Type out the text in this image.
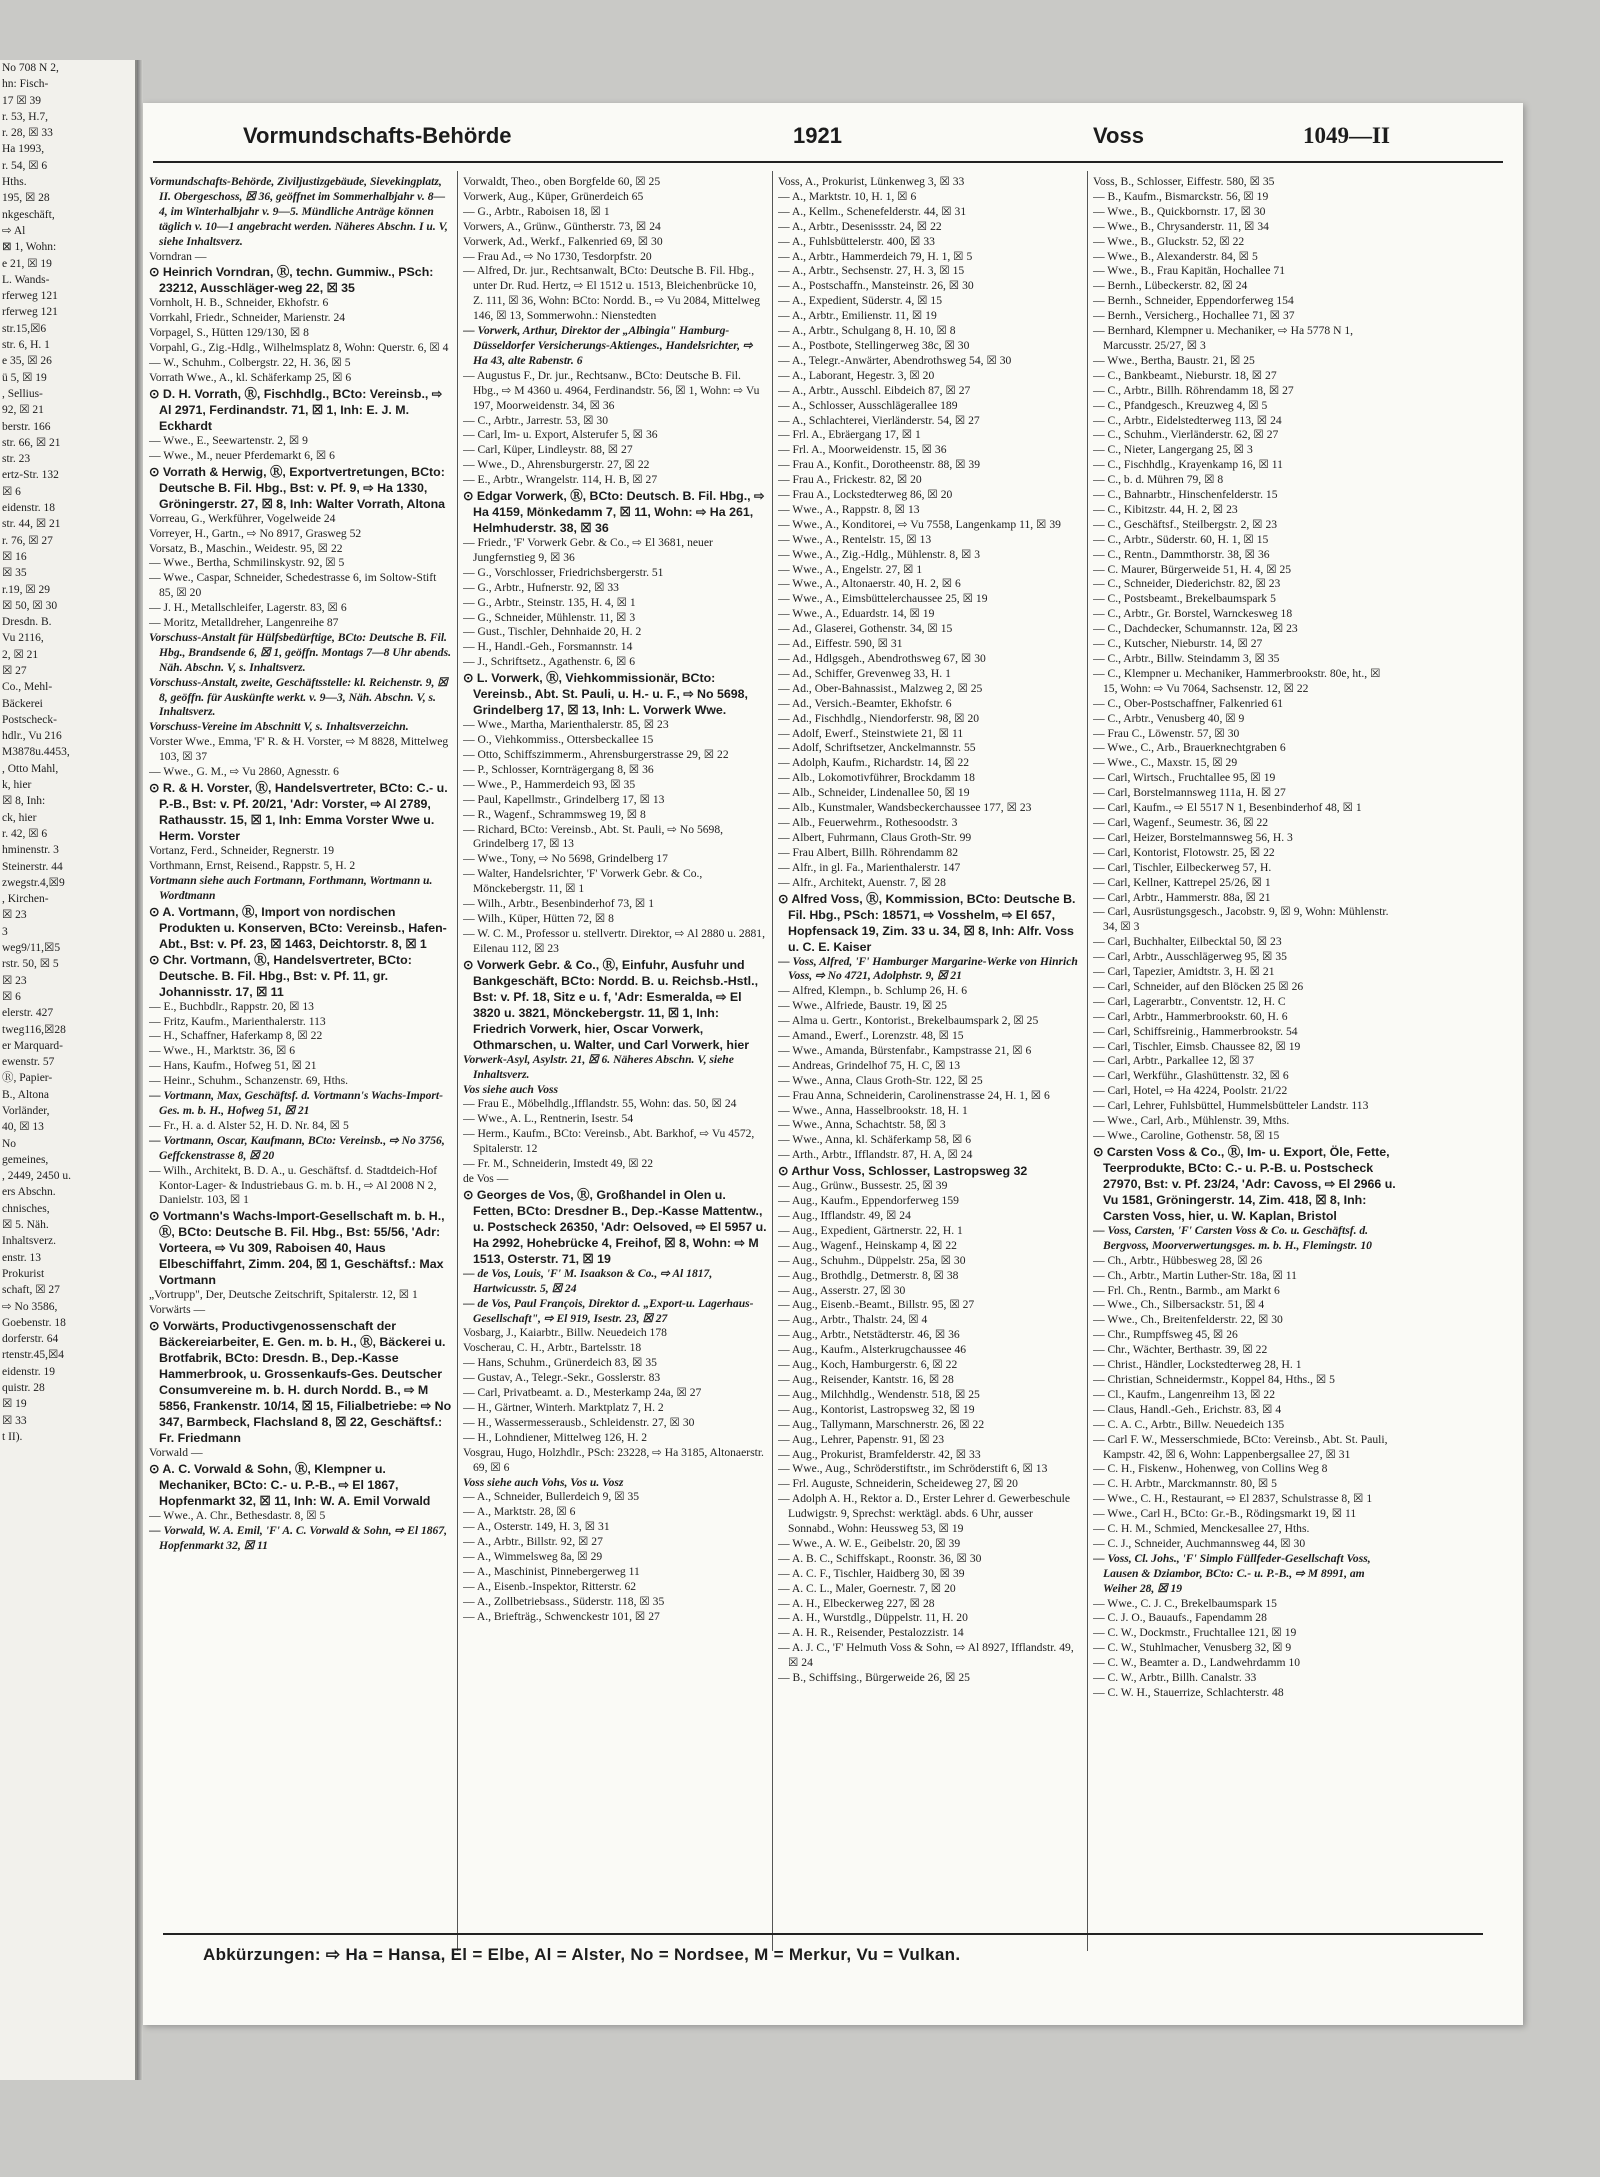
No 708 N 2,
hn: Fisch-
17 ☒ 39
r. 53, H.7,
r. 28, ☒ 33
Ha 1993,
r. 54, ☒ 6
Hths.
195, ☒ 28
nkgeschäft,
⇨ Al
⊠ 1, Wohn:
e 21, ☒ 19
L. Wands-
rferweg 121
rferweg 121
str.15,☒6
str. 6, H. 1
e 35, ☒ 26
ü 5, ☒ 19
, Sellius-
92, ☒ 21
berstr. 166
str. 66, ☒ 21
str. 23
ertz-Str. 132
☒ 6
eidenstr. 18
str. 44, ☒ 21
r. 76, ☒ 27
☒ 16
☒ 35
r.19, ☒ 29
☒ 50, ☒ 30
Dresdn. B.
Vu 2116,
2, ☒ 21
☒ 27
Co., Mehl-
Bäckerei
Postscheck-
hdlr., Vu 216
M3878u.4453,
, Otto Mahl,
k, hier
☒ 8, Inh:
ck, hier
r. 42, ☒ 6
hminenstr. 3
Steinerstr. 44
zwegstr.4,☒9
, Kirchen-
☒ 23
3
weg9/11,☒5
rstr. 50, ☒ 5
☒ 23
☒ 6
elerstr. 427
tweg116,☒28
er Marquard-
ewenstr. 57
Ⓡ, Papier-
B., Altona
Vorländer,
40, ☒ 13
No
gemeines,
, 2449, 2450 u.
ers Abschn.
chnisches,
☒ 5. Näh.
Inhaltsverz.
enstr. 13
Prokurist
schaft, ☒ 27
⇨ No 3586,
Goebenstr. 18
dorferstr. 64
rtenstr.45,☒4
eidenstr. 19
quistr. 28
☒ 19
☒ 33
t II).
Vormundschafts-Behörde	1921	Voss	1049—II

Vormundschafts-Behörde, Ziviljustizgebäude, Sievekingplatz, II. Obergeschoss, ☒ 36, geöffnet im Sommerhalbjahr v. 8—4, im Winterhalbjahr v. 9—5. Mündliche Anträge können täglich v. 10—1 angebracht werden. Näheres Abschn. I u. V, siehe Inhaltsverz.

Vorndran —

⊙ Heinrich Vorndran, Ⓡ, techn. Gummiw., PSch: 23212, Ausschläger-weg 22, ☒ 35

Vornholt, H. B., Schneider, Ekhofstr. 6

Vorrkahl, Friedr., Schneider, Marienstr. 24

Vorpagel, S., Hütten 129/130, ☒ 8

Vorpahl, G., Zig.-Hdlg., Wilhelmsplatz 8, Wohn: Querstr. 6, ☒ 4

— W., Schuhm., Colbergstr. 22, H. 36, ☒ 5

Vorrath Wwe., A., kl. Schäferkamp 25, ☒ 6

⊙ D. H. Vorrath, Ⓡ, Fischhdlg., BCto: Vereinsb., ⇨ Al 2971, Ferdinandstr. 71, ☒ 1, Inh: E. J. M. Eckhardt

— Wwe., E., Seewartenstr. 2, ☒ 9

— Wwe., M., neuer Pferdemarkt 6, ☒ 6

⊙ Vorrath & Herwig, Ⓡ, Exportvertretungen, BCto: Deutsche B. Fil. Hbg., Bst: v. Pf. 9, ⇨ Ha 1330, Gröningerstr. 27, ☒ 8, Inh: Walter Vorrath, Altona

Vorreau, G., Werkführer, Vogelweide 24

Vorreyer, H., Gartn., ⇨ No 8917, Grasweg 52

Vorsatz, B., Maschin., Weidestr. 95, ☒ 22

— Wwe., Bertha, Schmilinskystr. 92, ☒ 5

— Wwe., Caspar, Schneider, Schedestrasse 6, im Soltow-Stift 85, ☒ 20

— J. H., Metallschleifer, Lagerstr. 83, ☒ 6

— Moritz, Metalldreher, Langenreihe 87

Vorschuss-Anstalt für Hülfsbedürftige, BCto: Deutsche B. Fil. Hbg., Brandsende 6, ☒ 1, geöffn. Montags 7—8 Uhr abends. Näh. Abschn. V, s. Inhaltsverz.

Vorschuss-Anstalt, zweite, Geschäftsstelle: kl. Reichenstr. 9, ☒ 8, geöffn. für Auskünfte werkt. v. 9—3, Näh. Abschn. V, s. Inhaltsverz.

Vorschuss-Vereine im Abschnitt V, s. Inhaltsverzeichn.

Vorster Wwe., Emma, 'F' R. & H. Vorster, ⇨ M 8828, Mittelweg 103, ☒ 37

— Wwe., G. M., ⇨ Vu 2860, Agnesstr. 6

⊙ R. & H. Vorster, Ⓡ, Handelsvertreter, BCto: C.- u. P.-B., Bst: v. Pf. 20/21, 'Adr: Vorster, ⇨ Al 2789, Rathausstr. 15, ☒ 1, Inh: Emma Vorster Wwe u. Herm. Vorster

Vortanz, Ferd., Schneider, Regnerstr. 19

Vorthmann, Ernst, Reisend., Rappstr. 5, H. 2

Vortmann siehe auch Fortmann, Forthmann, Wortmann u. Wordtmann

⊙ A. Vortmann, Ⓡ, Import von nordischen Produkten u. Konserven, BCto: Vereinsb., Hafen-Abt., Bst: v. Pf. 23, ☒ 1463, Deichtorstr. 8, ☒ 1

⊙ Chr. Vortmann, Ⓡ, Handelsvertreter, BCto: Deutsche. B. Fil. Hbg., Bst: v. Pf. 11, gr. Johannisstr. 17, ☒ 11

— E., Buchbdlr., Rappstr. 20, ☒ 13

— Fritz, Kaufm., Marienthalerstr. 113

— H., Schaffner, Haferkamp 8, ☒ 22

— Wwe., H., Marktstr. 36, ☒ 6

— Hans, Kaufm., Hofweg 51, ☒ 21

— Heinr., Schuhm., Schanzenstr. 69, Hths.

— Vortmann, Max, Geschäftsf. d. Vortmann's Wachs-Import-Ges. m. b. H., Hofweg 51, ☒ 21

— Fr., H. a. d. Alster 52, H. D. Nr. 84, ☒ 5

— Vortmann, Oscar, Kaufmann, BCto: Vereinsb., ⇨ No 3756, Geffckenstrasse 8, ☒ 20

— Wilh., Architekt, B. D. A., u. Geschäftsf. d. Stadtdeich-Hof Kontor-Lager- & Industriebaus G. m. b. H., ⇨ Al 2008 N 2, Danielstr. 103, ☒ 1

⊙ Vortmann's Wachs-Import-Gesellschaft m. b. H., Ⓡ, BCto: Deutsche B. Fil. Hbg., Bst: 55/56, 'Adr: Vorteera, ⇨ Vu 309, Raboisen 40, Haus Elbeschiffahrt, Zimm. 204, ☒ 1, Geschäftsf.: Max Vortmann

„Vortrupp", Der, Deutsche Zeitschrift, Spitalerstr. 12, ☒ 1

Vorwärts —

⊙ Vorwärts, Productivgenossenschaft der Bäckereiarbeiter, E. Gen. m. b. H., Ⓡ, Bäckerei u. Brotfabrik, BCto: Dresdn. B., Dep.-Kasse Hammerbrook, u. Grossenkaufs-Ges. Deutscher Consumvereine m. b. H. durch Nordd. B., ⇨ M 5856, Frankenstr. 10/14, ☒ 15, Filialbetriebe: ⇨ No 347, Barmbeck, Flachsland 8, ☒ 22, Geschäftsf.: Fr. Friedmann

Vorwald —

⊙ A. C. Vorwald & Sohn, Ⓡ, Klempner u. Mechaniker, BCto: C.- u. P.-B., ⇨ El 1867, Hopfenmarkt 32, ☒ 11, Inh: W. A. Emil Vorwald

— Wwe., A. Chr., Bethesdastr. 8, ☒ 5

— Vorwald, W. A. Emil, 'F' A. C. Vorwald & Sohn, ⇨ El 1867, Hopfenmarkt 32, ☒ 11

Vorwaldt, Theo., oben Borgfelde 60, ☒ 25

Vorwerk, Aug., Küper, Grünerdeich 65

— G., Arbtr., Raboisen 18, ☒ 1

Vorwers, A., Grünw., Güntherstr. 73, ☒ 24

Vorwerk, Ad., Werkf., Falkenried 69, ☒ 30

— Frau Ad., ⇨ No 1730, Tesdorpfstr. 20

— Alfred, Dr. jur., Rechtsanwalt, BCto: Deutsche B. Fil. Hbg., unter Dr. Rud. Hertz, ⇨ El 1512 u. 1513, Bleichenbrücke 10, Z. 111, ☒ 36, Wohn: BCto: Nordd. B., ⇨ Vu 2084, Mittelweg 146, ☒ 13, Sommerwohn.: Nienstedten

— Vorwerk, Arthur, Direktor der „Albingia" Hamburg-Düsseldorfer Versicherungs-Aktienges., Handelsrichter, ⇨ Ha 43, alte Rabenstr. 6

— Augustus F., Dr. jur., Rechtsanw., BCto: Deutsche B. Fil. Hbg., ⇨ M 4360 u. 4964, Ferdinandstr. 56, ☒ 1, Wohn: ⇨ Vu 197, Moorweidenstr. 34, ☒ 36

— C., Arbtr., Jarrestr. 53, ☒ 30

— Carl, Im- u. Export, Alsterufer 5, ☒ 36

— Carl, Küper, Lindleystr. 88, ☒ 27

— Wwe., D., Ahrensburgerstr. 27, ☒ 22

— E., Arbtr., Wrangelstr. 114, H. B, ☒ 27

⊙ Edgar Vorwerk, Ⓡ, BCto: Deutsch. B. Fil. Hbg., ⇨ Ha 4159, Mönkedamm 7, ☒ 11, Wohn: ⇨ Ha 261, Helmhuderstr. 38, ☒ 36

— Friedr., 'F' Vorwerk Gebr. & Co., ⇨ El 3681, neuer Jungfernstieg 9, ☒ 36

— G., Vorschlosser, Friedrichsbergerstr. 51

— G., Arbtr., Hufnerstr. 92, ☒ 33

— G., Arbtr., Steinstr. 135, H. 4, ☒ 1

— G., Schneider, Mühlenstr. 11, ☒ 3

— Gust., Tischler, Dehnhaide 20, H. 2

— H., Handl.-Geh., Forsmannstr. 14

— J., Schriftsetz., Agathenstr. 6, ☒ 6

⊙ L. Vorwerk, Ⓡ, Viehkommissionär, BCto: Vereinsb., Abt. St. Pauli, u. H.- u. F., ⇨ No 5698, Grindelberg 17, ☒ 13, Inh: L. Vorwerk Wwe.

— Wwe., Martha, Marienthalerstr. 85, ☒ 23

— O., Viehkommiss., Ottersbeckallee 15

— Otto, Schiffszimmerm., Ahrensburgerstrasse 29, ☒ 22

— P., Schlosser, Kornträgergang 8, ☒ 36

— Wwe., P., Hammerdeich 93, ☒ 35

— Paul, Kapellmstr., Grindelberg 17, ☒ 13

— R., Wagenf., Schrammsweg 19, ☒ 8

— Richard, BCto: Vereinsb., Abt. St. Pauli, ⇨ No 5698, Grindelberg 17, ☒ 13

— Wwe., Tony, ⇨ No 5698, Grindelberg 17

— Walter, Handelsrichter, 'F' Vorwerk Gebr. & Co., Mönckebergstr. 11, ☒ 1

— Wilh., Arbtr., Besenbinderhof 73, ☒ 1

— Wilh., Küper, Hütten 72, ☒ 8

— W. C. M., Professor u. stellvertr. Direktor, ⇨ Al 2880 u. 2881, Eilenau 112, ☒ 23

⊙ Vorwerk Gebr. & Co., Ⓡ, Einfuhr, Ausfuhr und Bankgeschäft, BCto: Nordd. B. u. Reichsb.-Hstl., Bst: v. Pf. 18, Sitz e u. f, 'Adr: Esmeralda, ⇨ El 3820 u. 3821, Mönckebergstr. 11, ☒ 1, Inh: Friedrich Vorwerk, hier, Oscar Vorwerk, Othmarschen, u. Walter, und Carl Vorwerk, hier

Vorwerk-Asyl, Asylstr. 21, ☒ 6. Näheres Abschn. V, siehe Inhaltsverz.

Vos siehe auch Voss

— Frau E., Möbelhdlg.,Ifflandstr. 55, Wohn: das. 50, ☒ 24

— Wwe., A. L., Rentnerin, Isestr. 54

— Herm., Kaufm., BCto: Vereinsb., Abt. Barkhof, ⇨ Vu 4572, Spitalerstr. 12

— Fr. M., Schneiderin, Imstedt 49, ☒ 22

de Vos —

⊙ Georges de Vos, Ⓡ, Großhandel in Olen u. Fetten, BCto: Dresdner B., Dep.-Kasse Mattentw., u. Postscheck 26350, 'Adr: Oelsoved, ⇨ El 5957 u. Ha 2992, Hohebrücke 4, Freihof, ☒ 8, Wohn: ⇨ M 1513, Osterstr. 71, ☒ 19

— de Vos, Louis, 'F' M. Isaakson & Co., ⇨ Al 1817, Hartwicusstr. 5, ☒ 24

— de Vos, Paul François, Direktor d. „Export-u. Lagerhaus-Gesellschaft", ⇨ El 919, Isestr. 23, ☒ 27

Vosbarg, J., Kaiarbtr., Billw. Neuedeich 178

Voscherau, C. H., Arbtr., Bartelsstr. 18

— Hans, Schuhm., Grünerdeich 83, ☒ 35

— Gustav, A., Telegr.-Sekr., Gosslerstr. 83

— Carl, Privatbeamt. a. D., Mesterkamp 24a, ☒ 27

— H., Gärtner, Winterh. Marktplatz 7, H. 2

— H., Wassermesserausb., Schleidenstr. 27, ☒ 30

— H., Lohndiener, Mittelweg 126, H. 2

Vosgrau, Hugo, Holzhdlr., PSch: 23228, ⇨ Ha 3185, Altonaerstr. 69, ☒ 6

Voss siehe auch Vohs, Vos u. Vosz

— A., Schneider, Bullerdeich 9, ☒ 35

— A., Marktstr. 28, ☒ 6

— A., Osterstr. 149, H. 3, ☒ 31

— A., Arbtr., Billstr. 92, ☒ 27

— A., Wimmelsweg 8a, ☒ 29

— A., Maschinist, Pinnebergerweg 11

— A., Eisenb.-Inspektor, Ritterstr. 62

— A., Zollbetriebsass., Süderstr. 118, ☒ 35

— A., Briefträg., Schwenckestr 101, ☒ 27

Voss, A., Prokurist, Lünkenweg 3, ☒ 33

— A., Marktstr. 10, H. 1, ☒ 6

— A., Kellm., Schenefelderstr. 44, ☒ 31

— A., Arbtr., Desenissstr. 24, ☒ 22

— A., Fuhlsbüttelerstr. 400, ☒ 33

— A., Arbtr., Hammerdeich 79, H. 1, ☒ 5

— A., Arbtr., Sechsenstr. 27, H. 3, ☒ 15

— A., Postschaffn., Mansteinstr. 26, ☒ 30

— A., Expedient, Süderstr. 4, ☒ 15

— A., Arbtr., Emilienstr. 11, ☒ 19

— A., Arbtr., Schulgang 8, H. 10, ☒ 8

— A., Postbote, Stellingerweg 38c, ☒ 30

— A., Telegr.-Anwärter, Abendrothsweg 54, ☒ 30

— A., Laborant, Hegestr. 3, ☒ 20

— A., Arbtr., Ausschl. Eibdeich 87, ☒ 27

— A., Schlosser, Ausschlägerallee 189

— A., Schlachterei, Vierländerstr. 54, ☒ 27

— Frl. A., Ebräergang 17, ☒ 1

— Frl. A., Moorweidenstr. 15, ☒ 36

— Frau A., Konfit., Dorotheenstr. 88, ☒ 39

— Frau A., Frickestr. 82, ☒ 20

— Frau A., Lockstedterweg 86, ☒ 20

— Wwe., A., Rappstr. 8, ☒ 13

— Wwe., A., Konditorei, ⇨ Vu 7558, Langenkamp 11, ☒ 39

— Wwe., A., Rentelstr. 15, ☒ 13

— Wwe., A., Zig.-Hdlg., Mühlenstr. 8, ☒ 3

— Wwe., A., Engelstr. 27, ☒ 1

— Wwe., A., Altonaerstr. 40, H. 2, ☒ 6

— Wwe., A., Eimsbüttelerchaussee 25, ☒ 19

— Wwe., A., Eduardstr. 14, ☒ 19

— Ad., Glaserei, Gothenstr. 34, ☒ 15

— Ad., Eiffestr. 590, ☒ 31

— Ad., Hdlgsgeh., Abendrothsweg 67, ☒ 30

— Ad., Schiffer, Grevenweg 33, H. 1

— Ad., Ober-Bahnassist., Malzweg 2, ☒ 25

— Ad., Versich.-Beamter, Ekhofstr. 6

— Ad., Fischhdlg., Niendorferstr. 98, ☒ 20

— Adolf, Ewerf., Steinstwiete 21, ☒ 11

— Adolf, Schriftsetzer, Anckelmannstr. 55

— Adolph, Kaufm., Richardstr. 14, ☒ 22

— Alb., Lokomotivführer, Brockdamm 18

— Alb., Schneider, Lindenallee 50, ☒ 19

— Alb., Kunstmaler, Wandsbeckerchaussee 177, ☒ 23

— Alb., Feuerwehrm., Rothesoodstr. 3

— Albert, Fuhrmann, Claus Groth-Str. 99

— Frau Albert, Billh. Röhrendamm 82

— Alfr., in gl. Fa., Marienthalerstr. 147

— Alfr., Architekt, Auenstr. 7, ☒ 28

⊙ Alfred Voss, Ⓡ, Kommission, BCto: Deutsche B. Fil. Hbg., PSch: 18571, ⇨ Vosshelm, ⇨ El 657, Hopfensack 19, Zim. 33 u. 34, ☒ 8, Inh: Alfr. Voss u. C. E. Kaiser

— Voss, Alfred, 'F' Hamburger Margarine-Werke von Hinrich Voss, ⇨ No 4721, Adolphstr. 9, ☒ 21

— Alfred, Klempn., b. Schlump 26, H. 6

— Wwe., Alfriede, Baustr. 19, ☒ 25

— Alma u. Gertr., Kontorist., Brekelbaumspark 2, ☒ 25

— Amand., Ewerf., Lorenzstr. 48, ☒ 15

— Wwe., Amanda, Bürstenfabr., Kampstrasse 21, ☒ 6

— Andreas, Grindelhof 75, H. C, ☒ 13

— Wwe., Anna, Claus Groth-Str. 122, ☒ 25

— Frau Anna, Schneiderin, Carolinenstrasse 24, H. 1, ☒ 6

— Wwe., Anna, Hasselbrookstr. 18, H. 1

— Wwe., Anna, Schachtstr. 58, ☒ 3

— Wwe., Anna, kl. Schäferkamp 58, ☒ 6

— Arth., Arbtr., Ifflandstr. 87, H. A, ☒ 24

⊙ Arthur Voss, Schlosser, Lastropsweg 32

— Aug., Grünw., Bussestr. 25, ☒ 39

— Aug., Kaufm., Eppendorferweg 159

— Aug., Ifflandstr. 49, ☒ 24

— Aug., Expedient, Gärtnerstr. 22, H. 1

— Aug., Wagenf., Heinskamp 4, ☒ 22

— Aug., Schuhm., Düppelstr. 25a, ☒ 30

— Aug., Brothdlg., Detmerstr. 8, ☒ 38

— Aug., Asserstr. 27, ☒ 30

— Aug., Eisenb.-Beamt., Billstr. 95, ☒ 27

— Aug., Arbtr., Thalstr. 24, ☒ 4

— Aug., Arbtr., Netstädterstr. 46, ☒ 36

— Aug., Kaufm., Alsterkrugchaussee 46

— Aug., Koch, Hamburgerstr. 6, ☒ 22

— Aug., Reisender, Kantstr. 16, ☒ 28

— Aug., Milchhdlg., Wendenstr. 518, ☒ 25

— Aug., Kontorist, Lastropsweg 32, ☒ 19

— Aug., Tallymann, Marschnerstr. 26, ☒ 22

— Aug., Lehrer, Papenstr. 91, ☒ 23

— Aug., Prokurist, Bramfelderstr. 42, ☒ 33

— Wwe., Aug., Schröderstiftstr., im Schröderstift 6, ☒ 13

— Frl. Auguste, Schneiderin, Scheideweg 27, ☒ 20

— Adolph A. H., Rektor a. D., Erster Lehrer d. Gewerbeschule Ludwigstr. 9, Sprechst: werktägl. abds. 6 Uhr, ausser Sonnabd., Wohn: Heussweg 53, ☒ 19

— Wwe., A. W. E., Geibelstr. 20, ☒ 39

— A. B. C., Schiffskapt., Roonstr. 36, ☒ 30

— A. C. F., Tischler, Haidberg 30, ☒ 39

— A. C. L., Maler, Goernestr. 7, ☒ 20

— A. H., Elbeckerweg 227, ☒ 28

— A. H., Wurstdlg., Düppelstr. 11, H. 20

— A. H. R., Reisender, Pestalozzistr. 14

— A. J. C., 'F' Helmuth Voss & Sohn, ⇨ Al 8927, Ifflandstr. 49, ☒ 24

— B., Schiffsing., Bürgerweide 26, ☒ 25

Voss, B., Schlosser, Eiffestr. 580, ☒ 35

— B., Kaufm., Bismarckstr. 56, ☒ 19

— Wwe., B., Quickbornstr. 17, ☒ 30

— Wwe., B., Chrysanderstr. 11, ☒ 34

— Wwe., B., Gluckstr. 52, ☒ 22

— Wwe., B., Alexanderstr. 84, ☒ 5

— Wwe., B., Frau Kapitän, Hochallee 71

— Bernh., Lübeckerstr. 82, ☒ 24

— Bernh., Schneider, Eppendorferweg 154

— Bernh., Versicherg., Hochallee 71, ☒ 37

— Bernhard, Klempner u. Mechaniker, ⇨ Ha 5778 N 1, Marcusstr. 25/27, ☒ 3

— Wwe., Bertha, Baustr. 21, ☒ 25

— C., Bankbeamt., Nieburstr. 18, ☒ 27

— C., Arbtr., Billh. Röhrendamm 18, ☒ 27

— C., Pfandgesch., Kreuzweg 4, ☒ 5

— C., Arbtr., Eidelstedterweg 113, ☒ 24

— C., Schuhm., Vierländerstr. 62, ☒ 27

— C., Nieter, Langergang 25, ☒ 3

— C., Fischhdlg., Krayenkamp 16, ☒ 11

— C., b. d. Mühren 79, ☒ 8

— C., Bahnarbtr., Hinschenfelderstr. 15

— C., Kibitzstr. 44, H. 2, ☒ 23

— C., Geschäftsf., Steilbergstr. 2, ☒ 23

— C., Arbtr., Süderstr. 60, H. 1, ☒ 15

— C., Rentn., Dammthorstr. 38, ☒ 36

— C. Maurer, Bürgerweide 51, H. 4, ☒ 25

— C., Schneider, Diederichstr. 82, ☒ 23

— C., Postsbeamt., Brekelbaumspark 5

— C., Arbtr., Gr. Borstel, Warnckesweg 18

— C., Dachdecker, Schumannstr. 12a, ☒ 23

— C., Kutscher, Nieburstr. 14, ☒ 27

— C., Arbtr., Billw. Steindamm 3, ☒ 35

— C., Klempner u. Mechaniker, Hammerbrookstr. 80e, ht., ☒ 15, Wohn: ⇨ Vu 7064, Sachsenstr. 12, ☒ 22

— C., Ober-Postschaffner, Falkenried 61

— C., Arbtr., Venusberg 40, ☒ 9

— Frau C., Löwenstr. 57, ☒ 30

— Wwe., C., Arb., Brauerknechtgraben 6

— Wwe., C., Maxstr. 15, ☒ 29

— Carl, Wirtsch., Fruchtallee 95, ☒ 19

— Carl, Borstelmannsweg 111a, H. ☒ 27

— Carl, Kaufm., ⇨ El 5517 N 1, Besenbinderhof 48, ☒ 1

— Carl, Wagenf., Seumestr. 36, ☒ 22

— Carl, Heizer, Borstelmannsweg 56, H. 3

— Carl, Kontorist, Flotowstr. 25, ☒ 22

— Carl, Tischler, Eilbeckerweg 57, H.

— Carl, Kellner, Kattrepel 25/26, ☒ 1

— Carl, Arbtr., Hammerstr. 88a, ☒ 21

— Carl, Ausrüstungsgesch., Jacobstr. 9, ☒ 9, Wohn: Mühlenstr. 34, ☒ 3

— Carl, Buchhalter, Eilbecktal 50, ☒ 23

— Carl, Arbtr., Ausschlägerweg 95, ☒ 35

— Carl, Tapezier, Amidtstr. 3, H. ☒ 21

— Carl, Schneider, auf den Blöcken 25 ☒ 26

— Carl, Lagerarbtr., Conventstr. 12, H. C

— Carl, Arbtr., Hammerbrookstr. 60, H. 6

— Carl, Schiffsreinig., Hammerbrookstr. 54

— Carl, Tischler, Eimsb. Chaussee 82, ☒ 19

— Carl, Arbtr., Parkallee 12, ☒ 37

— Carl, Werkführ., Glashüttenstr. 32, ☒ 6

— Carl, Hotel, ⇨ Ha 4224, Poolstr. 21/22

— Carl, Lehrer, Fuhlsbüttel, Hummelsbütteler Landstr. 113

— Wwe., Carl, Arb., Mühlenstr. 39, Mths.

— Wwe., Caroline, Gothenstr. 58, ☒ 15

⊙ Carsten Voss & Co., Ⓡ, Im- u. Export, Öle, Fette, Teerprodukte, BCto: C.- u. P.-B. u. Postscheck 27970, Bst: v. Pf. 23/24, 'Adr: Cavoss, ⇨ El 2966 u. Vu 1581, Gröningerstr. 14, Zim. 418, ☒ 8, Inh: Carsten Voss, hier, u. W. Kaplan, Bristol

— Voss, Carsten, 'F' Carsten Voss & Co. u. Geschäftsf. d. Bergvoss, Moorverwertungsges. m. b. H., Flemingstr. 10

— Ch., Arbtr., Hübbesweg 28, ☒ 26

— Ch., Arbtr., Martin Luther-Str. 18a, ☒ 11

— Frl. Ch., Rentn., Barmb., am Markt 6

— Wwe., Ch., Silbersackstr. 51, ☒ 4

— Wwe., Ch., Breitenfelderstr. 22, ☒ 30

— Chr., Rumpffsweg 45, ☒ 26

— Chr., Wächter, Berthastr. 39, ☒ 22

— Christ., Händler, Lockstedterweg 28, H. 1

— Christian, Schneidermstr., Koppel 84, Hths., ☒ 5

— Cl., Kaufm., Langenreihm 13, ☒ 22

— Claus, Handl.-Geh., Erichstr. 83, ☒ 4

— C. A. C., Arbtr., Billw. Neuedeich 135

— Carl F. W., Messerschmiede, BCto: Vereinsb., Abt. St. Pauli, Kampstr. 42, ☒ 6, Wohn: Lappenbergsallee 27, ☒ 31

— C. H., Fiskenw., Hohenweg, von Collins Weg 8

— C. H. Arbtr., Marckmannstr. 80, ☒ 5

— Wwe., C. H., Restaurant, ⇨ El 2837, Schulstrasse 8, ☒ 1

— Wwe., Carl H., BCto: Gr.-B., Rödingsmarkt 19, ☒ 11

— C. H. M., Schmied, Menckesallee 27, Hths.

— C. J., Schneider, Auchmannsweg 44, ☒ 30

— Voss, Cl. Johs., 'F' Simplo Füllfeder-Gesellschaft Voss, Lausen & Dziambor, BCto: C.- u. P.-B., ⇨ M 8991, am Weiher 28, ☒ 19

— Wwe., C. J. C., Brekelbaumspark 15

— C. J. O., Bauaufs., Fapendamm 28

— C. W., Dockmstr., Fruchtallee 121, ☒ 19

— C. W., Stuhlmacher, Venusberg 32, ☒ 9

— C. W., Beamter a. D., Landwehrdamm 10

— C. W., Arbtr., Billh. Canalstr. 33

— C. W. H., Stauerrize, Schlachterstr. 48

Abkürzungen: ⇨ Ha = Hansa, El = Elbe, Al = Alster, No = Nordsee, M = Merkur, Vu = Vulkan.
